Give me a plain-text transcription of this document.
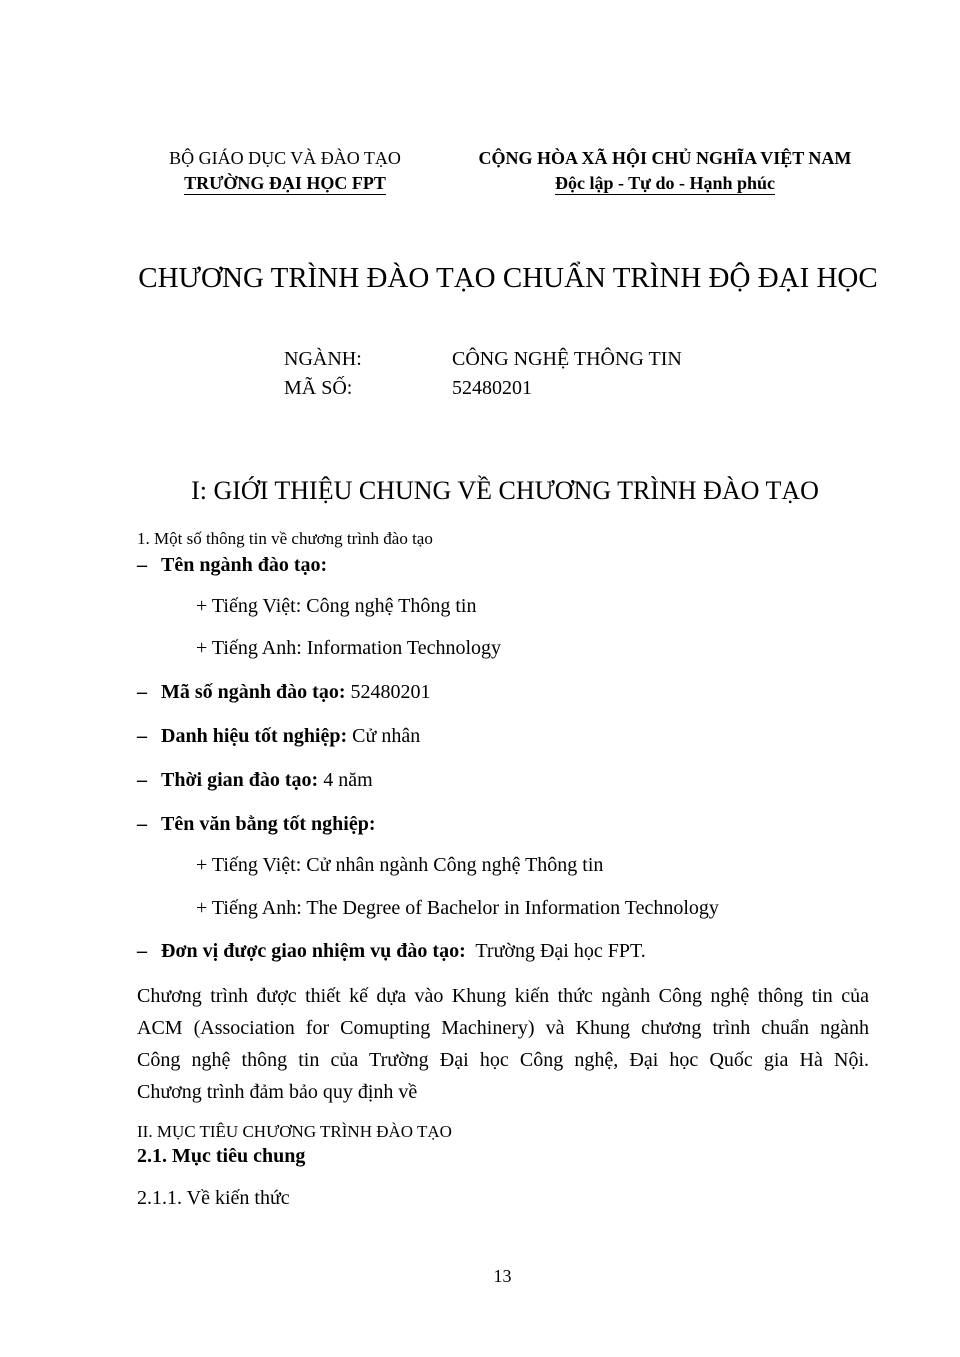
BỘ GIÁO DỤC VÀ ĐÀO TẠO
TRƯỜNG ĐẠI HỌC FPT
CỘNG HÒA XÃ HỘI CHỦ NGHĨA VIỆT NAM
Độc lập - Tự do - Hạnh phúc
CHƯƠNG TRÌNH ĐÀO TẠO CHUẨN TRÌNH ĐỘ ĐẠI HỌC
NGÀNH:	CÔNG NGHỆ THÔNG TIN
MÃ SỐ:	52480201
I: GIỚI THIỆU CHUNG VỀ CHƯƠNG TRÌNH ĐÀO TẠO
1. Một số thông tin về chương trình đào tạo
– Tên ngành đào tạo:
+ Tiếng Việt: Công nghệ Thông tin
+ Tiếng Anh: Information Technology
– Mã số ngành đào tạo: 52480201
– Danh hiệu tốt nghiệp: Cử nhân
– Thời gian đào tạo: 4 năm
– Tên văn bằng tốt nghiệp:
+ Tiếng Việt: Cử nhân ngành Công nghệ Thông tin
+ Tiếng Anh: The Degree of Bachelor in Information Technology
– Đơn vị được giao nhiệm vụ đào tạo:  Trường Đại học FPT.
Chương trình được thiết kế dựa vào Khung kiến thức ngành Công nghệ thông tin của
ACM (Association for Comupting Machinery) và Khung chương trình chuẩn ngành
Công nghệ thông tin của Trường Đại học Công nghệ, Đại học Quốc gia Hà Nội.
Chương trình đảm bảo quy định về
II. MỤC TIÊU CHƯƠNG TRÌNH ĐÀO TẠO
2.1. Mục tiêu chung
2.1.1. Về kiến thức
13
